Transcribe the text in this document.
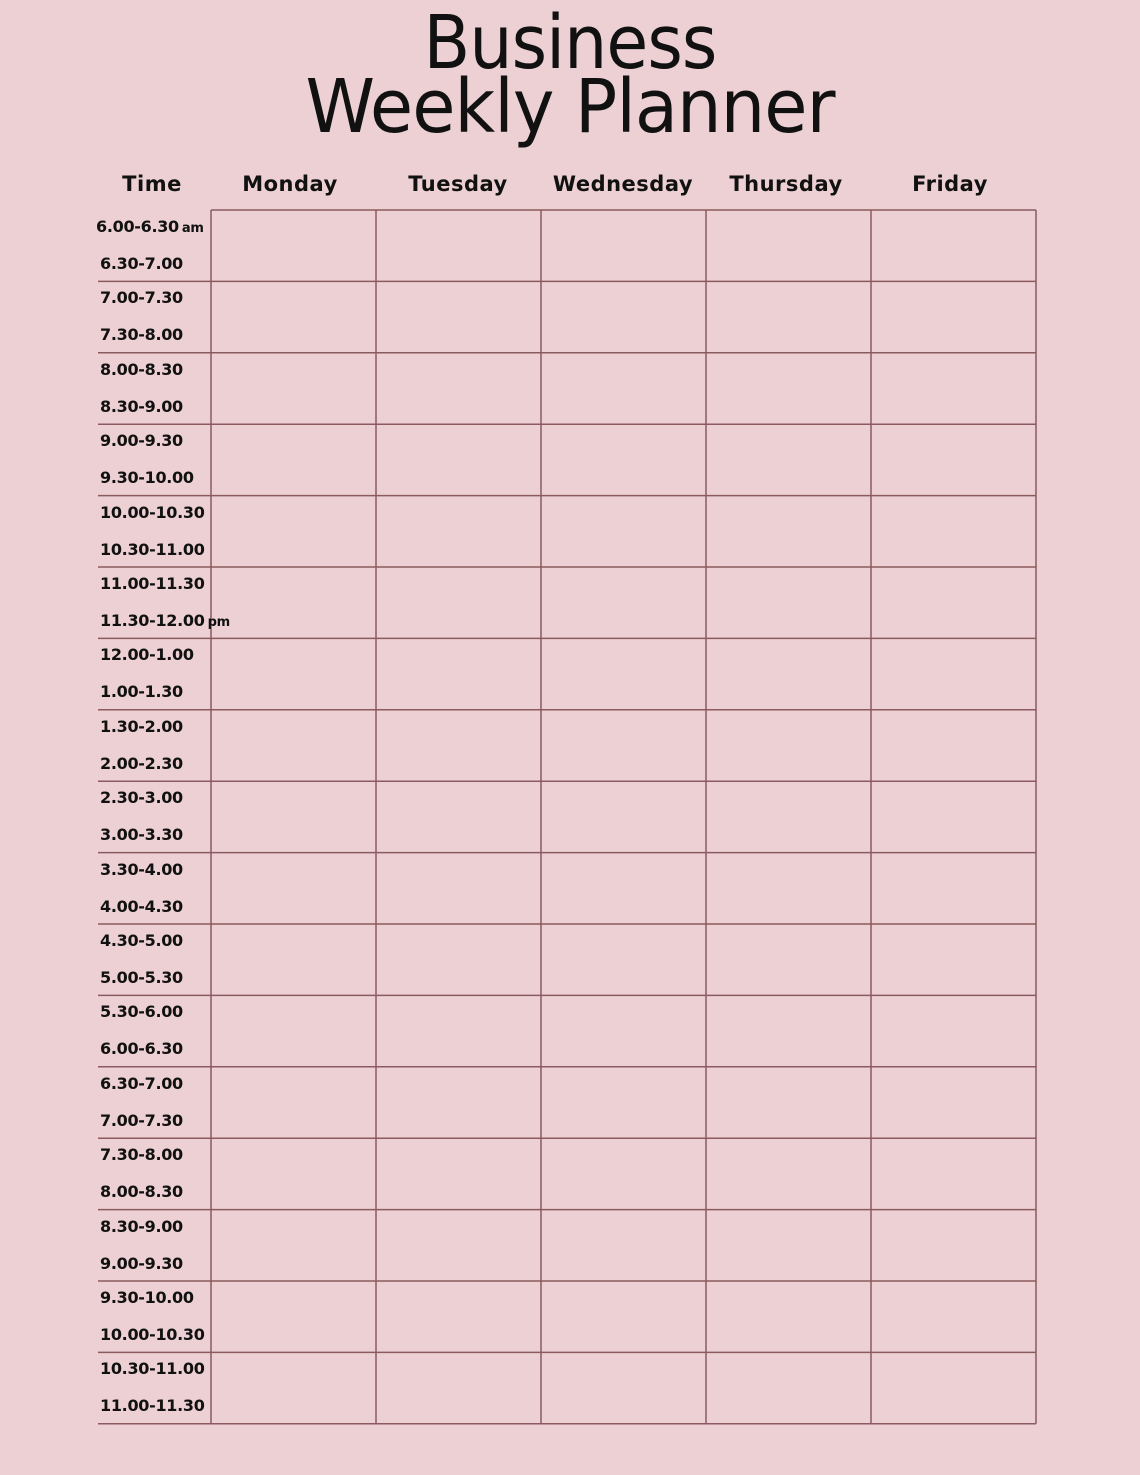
Business
Weekly Planner
Time	Monday	Tuesday	Wednesday	Thursday	Friday
6.00-6.30 am
6.30-7.00
7.00-7.30
7.30-8.00
8.00-8.30
8.30-9.00
9.00-9.30
9.30-10.00
10.00-10.30
10.30-11.00
11.00-11.30
11.30-12.00 pm
12.00-1.00
1.00-1.30
1.30-2.00
2.00-2.30
2.30-3.00
3.00-3.30
3.30-4.00
4.00-4.30
4.30-5.00
5.00-5.30
5.30-6.00
6.00-6.30
6.30-7.00
7.00-7.30
7.30-8.00
8.00-8.30
8.30-9.00
9.00-9.30
9.30-10.00
10.00-10.30
10.30-11.00
11.00-11.30
